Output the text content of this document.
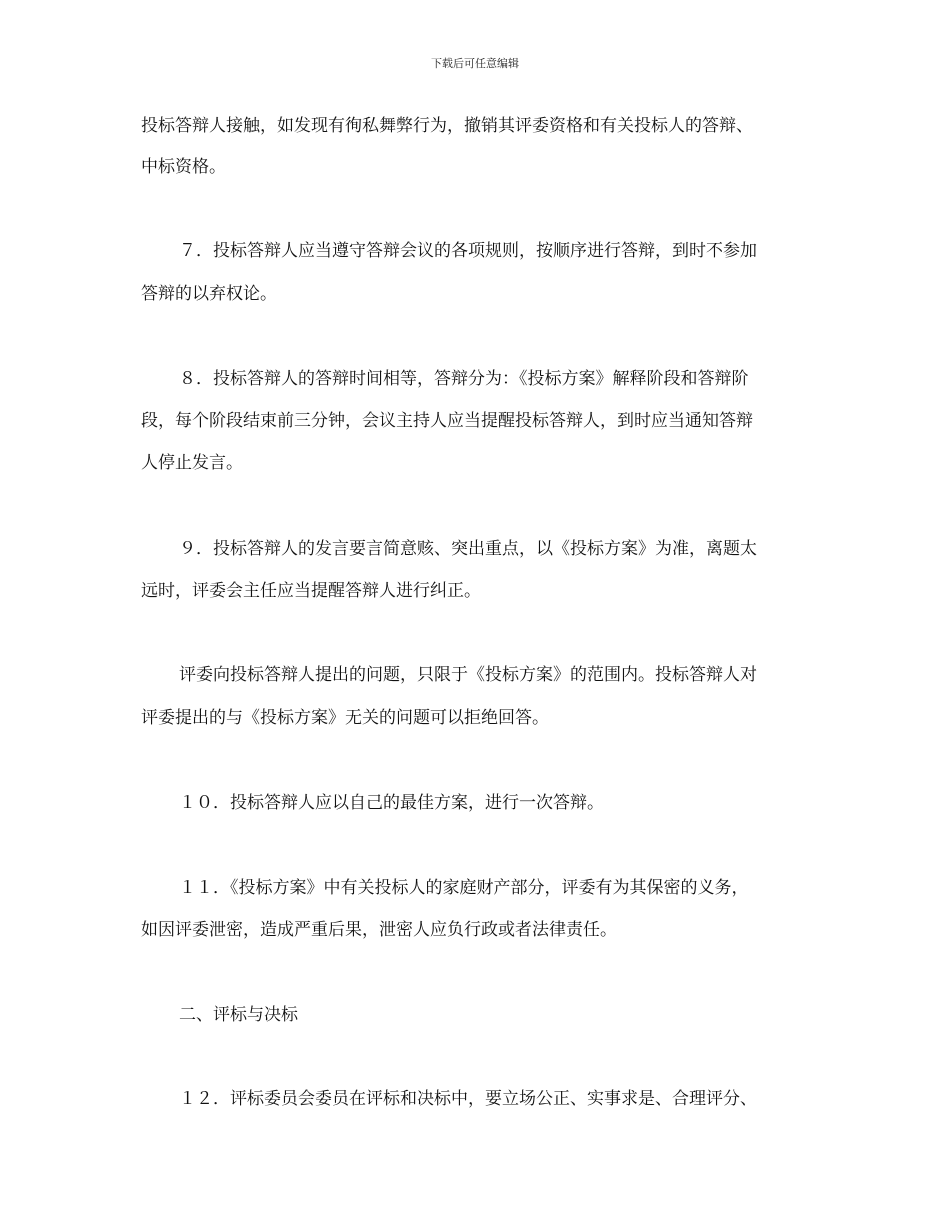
下载后可任意编辑
投标答辩人接触，如发现有徇私舞弊行为，撤销其评委资格和有关投标人的答辩、
中标资格。
７．投标答辩人应当遵守答辩会议的各项规则，按顺序进行答辩，到时不参加
答辩的以弃权论。
８．投标答辩人的答辩时间相等，答辩分为：《投标方案》解释阶段和答辩阶
段，每个阶段结束前三分钟，会议主持人应当提醒投标答辩人，到时应当通知答辩
人停止发言。
９．投标答辩人的发言要言简意赅、突出重点，以《投标方案》为准，离题太
远时，评委会主任应当提醒答辩人进行纠正。
评委向投标答辩人提出的问题，只限于《投标方案》的范围内。投标答辩人对
评委提出的与《投标方案》无关的问题可以拒绝回答。
１０．投标答辩人应以自己的最佳方案，进行一次答辩。
１１．《投标方案》中有关投标人的家庭财产部分，评委有为其保密的义务，
如因评委泄密，造成严重后果，泄密人应负行政或者法律责任。
二、评标与决标
１２．评标委员会委员在评标和决标中，要立场公正、实事求是、合理评分、
